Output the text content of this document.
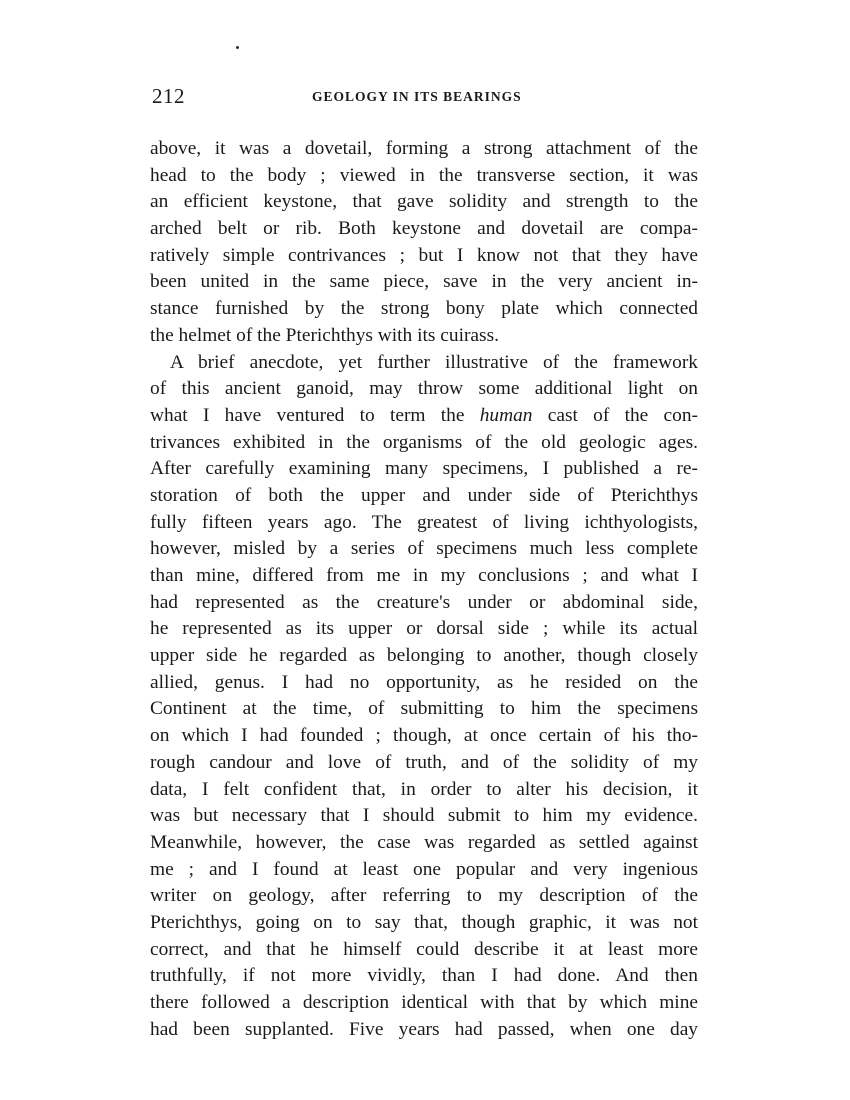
212	GEOLOGY IN ITS BEARINGS
above, it was a dovetail, forming a strong attachment of the
head to the body ; viewed in the transverse section, it was
an efficient keystone, that gave solidity and strength to the
arched belt or rib. Both keystone and dovetail are compa-
ratively simple contrivances ; but I know not that they have
been united in the same piece, save in the very ancient in-
stance furnished by the strong bony plate which connected
the helmet of the Pterichthys with its cuirass.
A brief anecdote, yet further illustrative of the framework
of this ancient ganoid, may throw some additional light on
what I have ventured to term the human cast of the con-
trivances exhibited in the organisms of the old geologic ages.
After carefully examining many specimens, I published a re-
storation of both the upper and under side of Pterichthys
fully fifteen years ago. The greatest of living ichthyologists,
however, misled by a series of specimens much less complete
than mine, differed from me in my conclusions ; and what I
had represented as the creature's under or abdominal side,
he represented as its upper or dorsal side ; while its actual
upper side he regarded as belonging to another, though closely
allied, genus. I had no opportunity, as he resided on the
Continent at the time, of submitting to him the specimens
on which I had founded ; though, at once certain of his tho-
rough candour and love of truth, and of the solidity of my
data, I felt confident that, in order to alter his decision, it
was but necessary that I should submit to him my evidence.
Meanwhile, however, the case was regarded as settled against
me ; and I found at least one popular and very ingenious
writer on geology, after referring to my description of the
Pterichthys, going on to say that, though graphic, it was not
correct, and that he himself could describe it at least more
truthfully, if not more vividly, than I had done. And then
there followed a description identical with that by which mine
had been supplanted. Five years had passed, when one day
